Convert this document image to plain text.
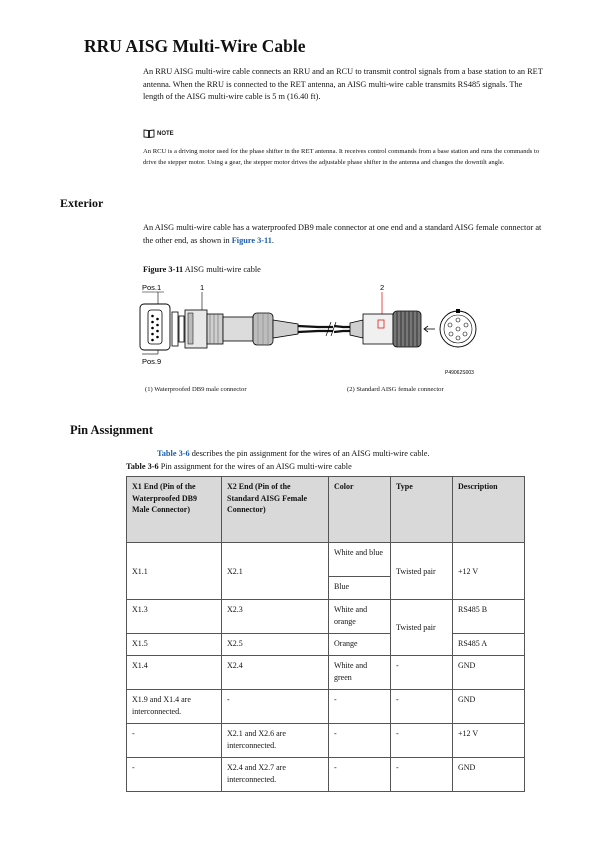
RRU AISG Multi-Wire Cable

An RRU AISG multi-wire cable connects an RRU and an RCU to transmit control signals from a base station to an RET antenna. When the RRU is connected to the RET antenna, an AISG multi-wire cable transmits RS485 signals. The length of the AISG multi-wire cable is 5 m (16.40 ft).

NOTE

An RCU is a driving motor used for the phase shifter in the RET antenna. It receives control commands from a base station and runs the commands to drive the stepper motor. Using a gear, the stepper motor drives the adjustable phase shifter in the antenna and changes the downtilt angle.

Exterior

An AISG multi-wire cable has a waterproofed DB9 male connector at one end and a standard AISG female connector at the other end, as shown in Figure 3-11.

Figure 3-11 AISG multi-wire cable
Pos.1
Pos.9
1	2
P49062S003
(1) Waterproofed DB9 male connector	(2) Standard AISG female connector
Pin Assignment
Table 3-6 describes the pin assignment for the wires of an AISG multi-wire cable.
Table 3-6 Pin assignment for the wires of an AISG multi-wire cable
X1 End (Pin of the Waterproofed DB9 Male Connector)	X2 End (Pin of the Standard AISG Female Connector)	Color	Type	Description
X1.1	X2.1	White and blue	Twisted pair	+12 V
		Blue		
X1.3	X2.3	White and orange	Twisted pair	RS485 B
X1.5	X2.5	Orange		RS485 A
X1.4	X2.4	White and green	-	GND
X1.9 and X1.4 are interconnected.	-	-	-	GND
-	X2.1 and X2.6 are interconnected.	-	-	+12 V
-	X2.4 and X2.7 are interconnected.	-	-	GND
